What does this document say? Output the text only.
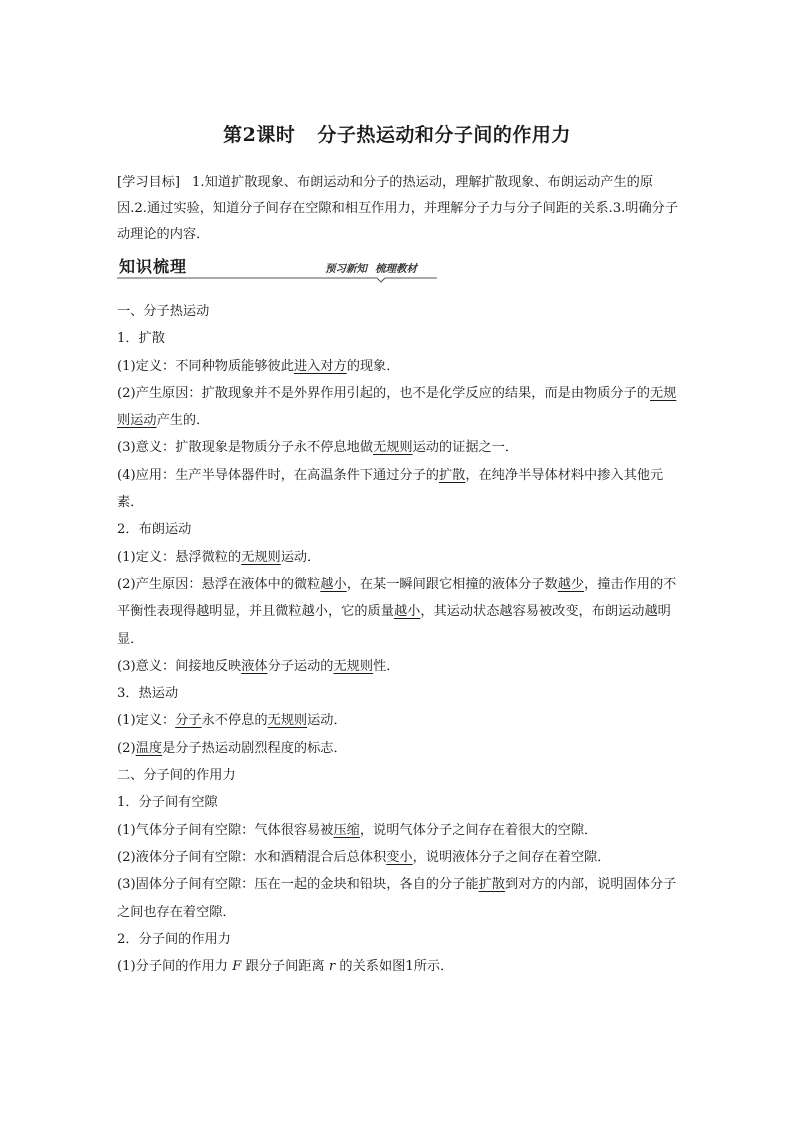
第2课时 分子热运动和分子间的作用力
[学习目标] 1.知道扩散现象、布朗运动和分子的热运动，理解扩散现象、布朗运动产生的原因.2.通过实验，知道分子间存在空隙和相互作用力，并理解分子力与分子间距的关系.3.明确分子动理论的内容．
知识梳理	预习新知 梳理教材
一、分子热运动
1．扩散
(1)定义：不同种物质能够彼此进入对方的现象．
(2)产生原因：扩散现象并不是外界作用引起的，也不是化学反应的结果，而是由物质分子的无规则运动产生的．
(3)意义：扩散现象是物质分子永不停息地做无规则运动的证据之一．
(4)应用：生产半导体器件时，在高温条件下通过分子的扩散，在纯净半导体材料中掺入其他元素．
2．布朗运动
(1)定义：悬浮微粒的无规则运动．
(2)产生原因：悬浮在液体中的微粒越小，在某一瞬间跟它相撞的液体分子数越少，撞击作用的不平衡性表现得越明显，并且微粒越小，它的质量越小，其运动状态越容易被改变，布朗运动越明显．
(3)意义：间接地反映液体分子运动的无规则性．
3．热运动
(1)定义：分子永不停息的无规则运动．
(2)温度是分子热运动剧烈程度的标志．
二、分子间的作用力
1．分子间有空隙
(1)气体分子间有空隙：气体很容易被压缩，说明气体分子之间存在着很大的空隙．
(2)液体分子间有空隙：水和酒精混合后总体积变小，说明液体分子之间存在着空隙．
(3)固体分子间有空隙：压在一起的金块和铅块，各自的分子能扩散到对方的内部，说明固体分子之间也存在着空隙．
2．分子间的作用力
(1)分子间的作用力 F 跟分子间距离 r 的关系如图1所示．
